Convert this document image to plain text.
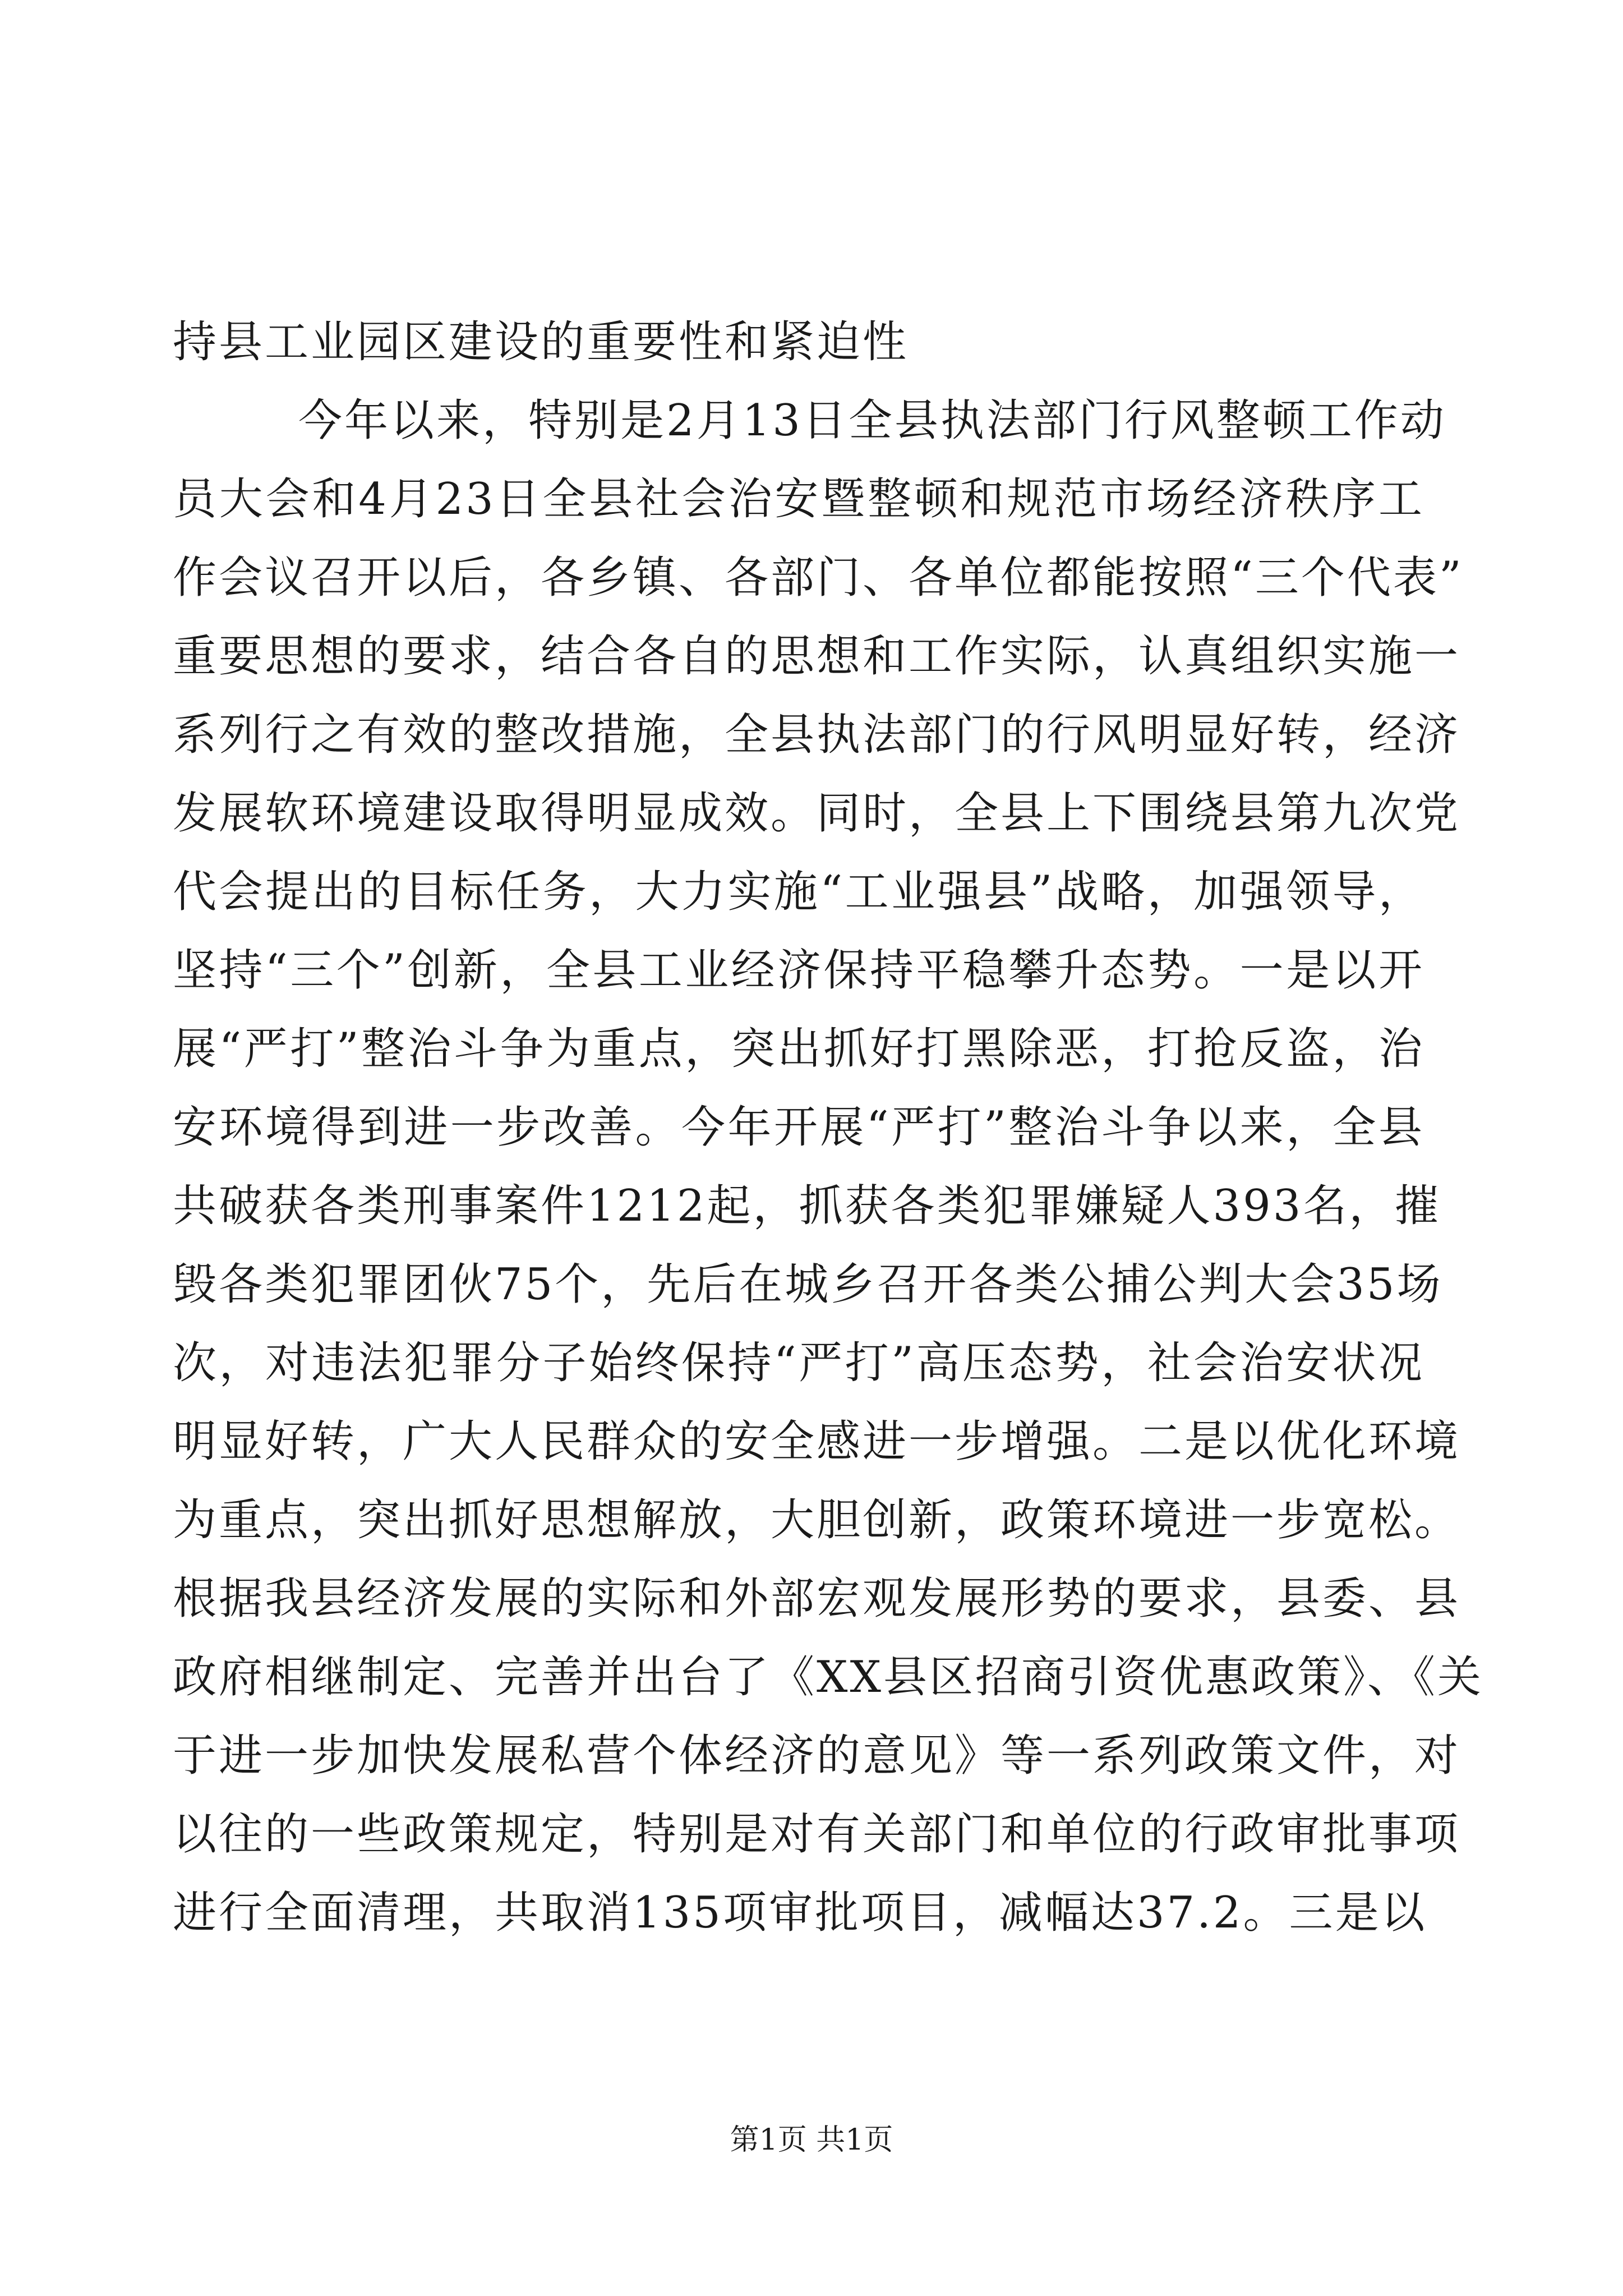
持县工业园区建设的重要性和紧迫性
今年以来，特别是2月13日全县执法部门行风整顿工作动
员大会和4月23日全县社会治安暨整顿和规范市场经济秩序工
作会议召开以后，各乡镇、各部门、各单位都能按照“三个代表”
重要思想的要求，结合各自的思想和工作实际，认真组织实施一
系列行之有效的整改措施，全县执法部门的行风明显好转，经济
发展软环境建设取得明显成效。同时，全县上下围绕县第九次党
代会提出的目标任务，大力实施“工业强县”战略，加强领导，
坚持“三个”创新，全县工业经济保持平稳攀升态势。一是以开
展“严打”整治斗争为重点，突出抓好打黑除恶，打抢反盗，治
安环境得到进一步改善。今年开展“严打”整治斗争以来，全县
共破获各类刑事案件1212起，抓获各类犯罪嫌疑人393名，摧
毁各类犯罪团伙75个，先后在城乡召开各类公捕公判大会35场
次，对违法犯罪分子始终保持“严打”高压态势，社会治安状况
明显好转，广大人民群众的安全感进一步增强。二是以优化环境
为重点，突出抓好思想解放，大胆创新，政策环境进一步宽松。
根据我县经济发展的实际和外部宏观发展形势的要求，县委、县
政府相继制定、完善并出台了《XX县区招商引资优惠政策》、《关
于进一步加快发展私营个体经济的意见》等一系列政策文件，对
以往的一些政策规定，特别是对有关部门和单位的行政审批事项
进行全面清理，共取消135项审批项目，减幅达37.2。三是以
第1页 共1页
